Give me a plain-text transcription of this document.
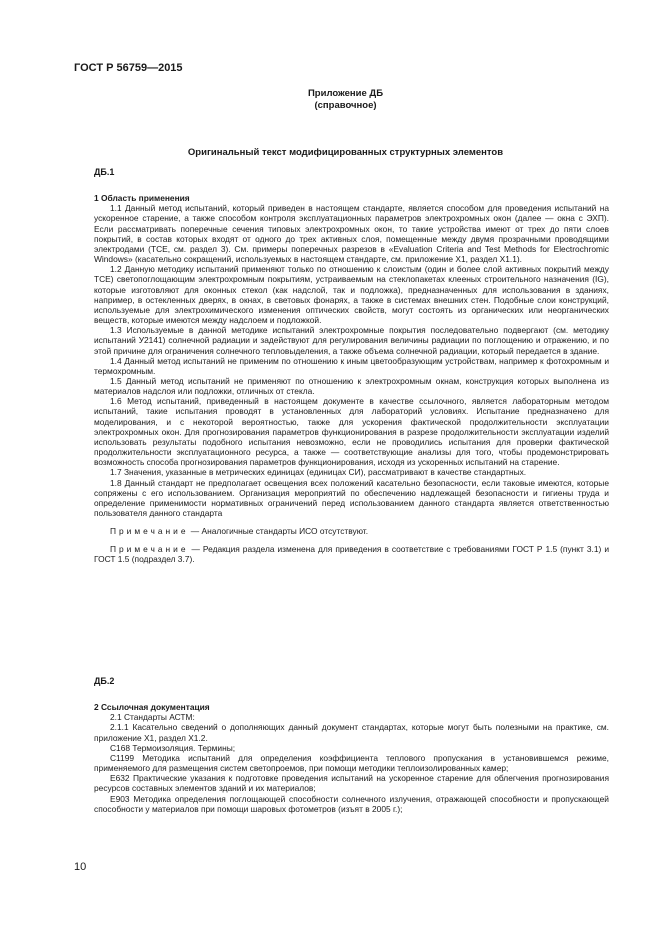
ГОСТ Р 56759—2015
Приложение ДБ
(справочное)
Оригинальный текст модифицированных структурных элементов
ДБ.1

1 Область применения

1.1 Данный метод испытаний, который приведен в настоящем стандарте, является способом для проведения испытаний на ускоренное старение, а также способом контроля эксплуатационных параметров электрохромных окон (далее — окна с ЭХП). Если рассматривать поперечные сечения типовых электрохромных окон, то такие устройства имеют от трех до пяти слоев покрытий, в состав которых входят от одного до трех активных слоя, помещенные между двумя прозрачными проводящими электродами (ТСЕ, см. раздел 3). См. примеры поперечных разрезов в «Evaluation Criteria and Test Methods for Electrochromic Windows» (касательно сокращений, используемых в настоящем стандарте, см. приложение Х1, раздел Х1.1).

1.2 Данную методику испытаний применяют только по отношению к слоистым (один и более слой активных покрытий между ТСЕ) светопоглощающим электрохромным покрытиям, устраиваемым на стеклопакетах клееных строительного назначения (IG), которые изготовляют для оконных стекол (как надслой, так и подложка), предназначенных для использования в зданиях, например, в остекленных дверях, в окнах, в световых фонарях, а также в системах внешних стен. Подобные слои конструкций, используемые для электрохимического изменения оптических свойств, могут состоять из органических или неорганических веществ, которые имеются между надслоем и подложкой.

1.3 Используемые в данной методике испытаний электрохромные покрытия последовательно подвергают (см. методику испытаний У2141) солнечной радиации и задействуют для регулирования величины радиации по поглощению и отражению, и по этой причине для ограничения солнечного тепловыделения, а также объема солнечной радиации, который передается в здание.

1.4 Данный метод испытаний не применим по отношению к иным цветообразующим устройствам, например к фотохромным и термохромным.

1.5 Данный метод испытаний не применяют по отношению к электрохромным окнам, конструкция которых выполнена из материалов надслоя или подложки, отличных от стекла.

1.6 Метод испытаний, приведенный в настоящем документе в качестве ссылочного, является лабораторным методом испытаний, такие испытания проводят в установленных для лабораторий условиях. Испытание предназначено для моделирования, и с некоторой вероятностью, также для ускорения фактической продолжительности эксплуатации электрохромных окон. Для прогнозирования параметров функционирования в разрезе продолжительности эксплуатации изделий использовать результаты подобного испытания невозможно, если не проводились испытания для проверки фактической продолжительности эксплуатационного ресурса, а также — соответствующие анализы для того, чтобы продемонстрировать возможность способа прогнозирования параметров функционирования, исходя из ускоренных испытаний на старение.

1.7 Значения, указанные в метрических единицах (единицах СИ), рассматривают в качестве стандартных.

1.8 Данный стандарт не предполагает освещения всех положений касательно безопасности, если таковые имеются, которые сопряжены с его использованием. Организация мероприятий по обеспечению надлежащей безопасности и гигиены труда и определение применимости нормативных ограничений перед использованием данного стандарта является ответственностью пользователя данного стандарта

Примечание — Аналогичные стандарты ИСО отсутствуют.

Примечание — Редакция раздела изменена для приведения в соответствие с требованиями ГОСТ Р 1.5 (пункт 3.1) и ГОСТ 1.5 (подраздел 3.7).

ДБ.2

2 Ссылочная документация

2.1 Стандарты АСТМ:

2.1.1 Касательно сведений о дополняющих данный документ стандартах, которые могут быть полезными на практике, см. приложение Х1, раздел Х1.2.

С168 Термоизоляция. Термины;

С1199 Методика испытаний для определения коэффициента теплового пропускания в установившемся режиме, применяемого для размещения систем светопроемов, при помощи методики теплоизолированных камер;

Е632 Практические указания к подготовке проведения испытаний на ускоренное старение для облегчения прогнозирования ресурсов составных элементов зданий и их материалов;

Е903 Методика определения поглощающей способности солнечного излучения, отражающей способности и пропускающей способности у материалов при помощи шаровых фотометров (изъят в 2005 г.);

10
